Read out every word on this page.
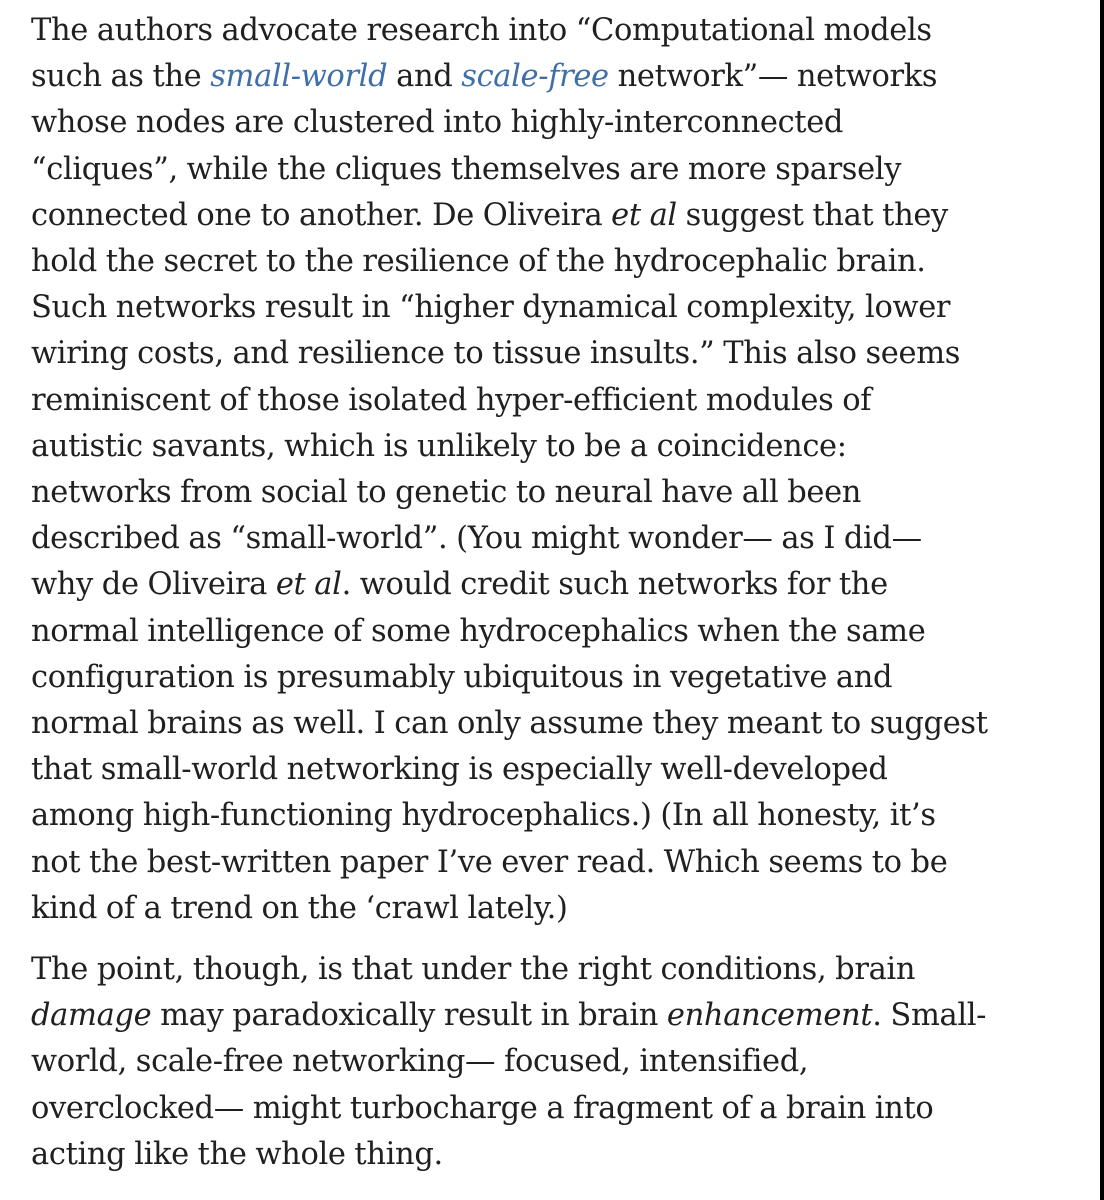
The authors advocate research into “Computational models
such as the small-world and scale-free network”— networks
whose nodes are clustered into highly-interconnected
“cliques”, while the cliques themselves are more sparsely
connected one to another. De Oliveira et al suggest that they
hold the secret to the resilience of the hydrocephalic brain.
Such networks result in “higher dynamical complexity, lower
wiring costs, and resilience to tissue insults.” This also seems
reminiscent of those isolated hyper-efficient modules of
autistic savants, which is unlikely to be a coincidence:
networks from social to genetic to neural have all been
described as “small-world”. (You might wonder— as I did—
why de Oliveira et al. would credit such networks for the
normal intelligence of some hydrocephalics when the same
configuration is presumably ubiquitous in vegetative and
normal brains as well. I can only assume they meant to suggest
that small-world networking is especially well-developed
among high-functioning hydrocephalics.) (In all honesty, it’s
not the best-written paper I’ve ever read. Which seems to be
kind of a trend on the ‘crawl lately.)

The point, though, is that under the right conditions, brain
damage may paradoxically result in brain enhancement. Small-
world, scale-free networking— focused, intensified,
overclocked— might turbocharge a fragment of a brain into
acting like the whole thing.
